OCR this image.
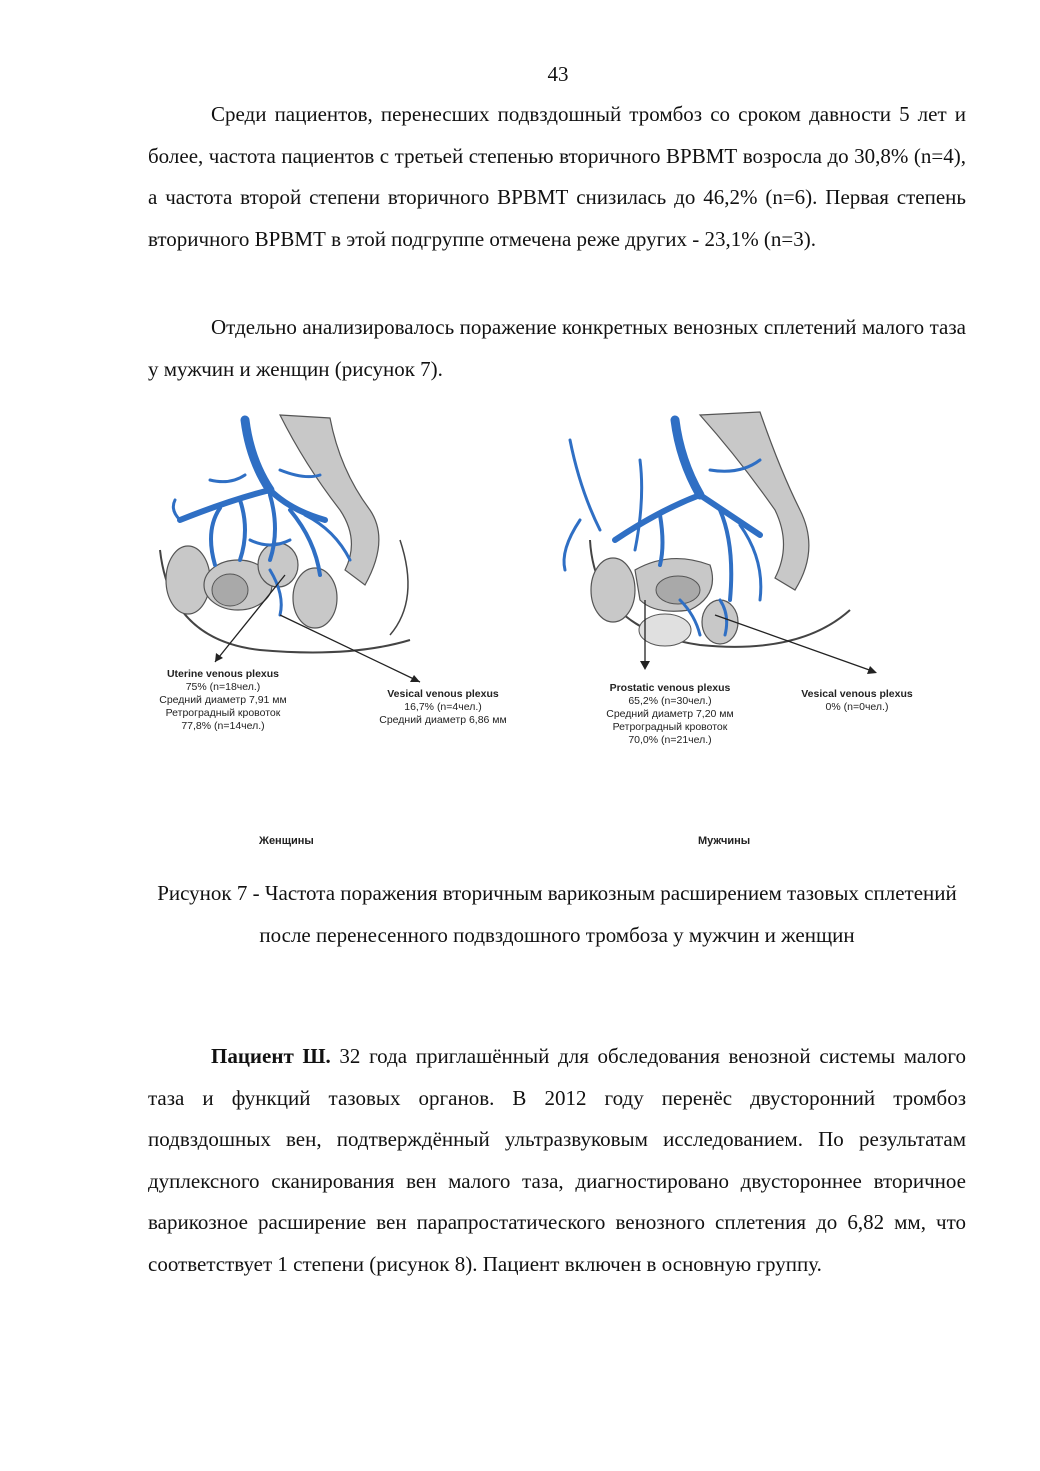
43

Среди пациентов, перенесших подвздошный тромбоз со сроком давности 5 лет и более, частота пациентов с третьей степенью вторичного ВРВМТ возросла до 30,8% (n=4), а частота второй степени вторичного ВРВМТ снизилась до 46,2% (n=6). Первая степень вторичного ВРВМТ в этой подгруппе отмечена реже других - 23,1% (n=3).

Отдельно анализировалось поражение конкретных венозных сплетений малого таза у мужчин и женщин (рисунок 7).

Uterine venous plexus
75% (n=18чел.)
Средний диаметр 7,91 мм
Ретроградный кровоток
77,8% (n=14чел.)
Vesical venous plexus
16,7% (n=4чел.)
Средний диаметр 6,86 мм
Prostatic venous plexus
65,2% (n=30чел.)
Средний диаметр 7,20 мм
Ретроградный кровоток
70,0% (n=21чел.)
Vesical venous plexus
0% (n=0чел.)
Женщины	Мужчины

Рисунок 7 - Частота поражения вторичным варикозным расширением тазовых сплетений после перенесенного подвздошного тромбоза у мужчин и женщин

Пациент Ш. 32 года приглашённый для обследования венозной системы малого таза и функций тазовых органов. В 2012 году перенёс двусторонний тромбоз подвздошных вен, подтверждённый ультразвуковым исследованием. По результатам дуплексного сканирования вен малого таза, диагностировано двустороннее вторичное варикозное расширение вен парапростатического венозного сплетения до 6,82 мм, что соответствует 1 степени (рисунок 8). Пациент включен в основную группу.
